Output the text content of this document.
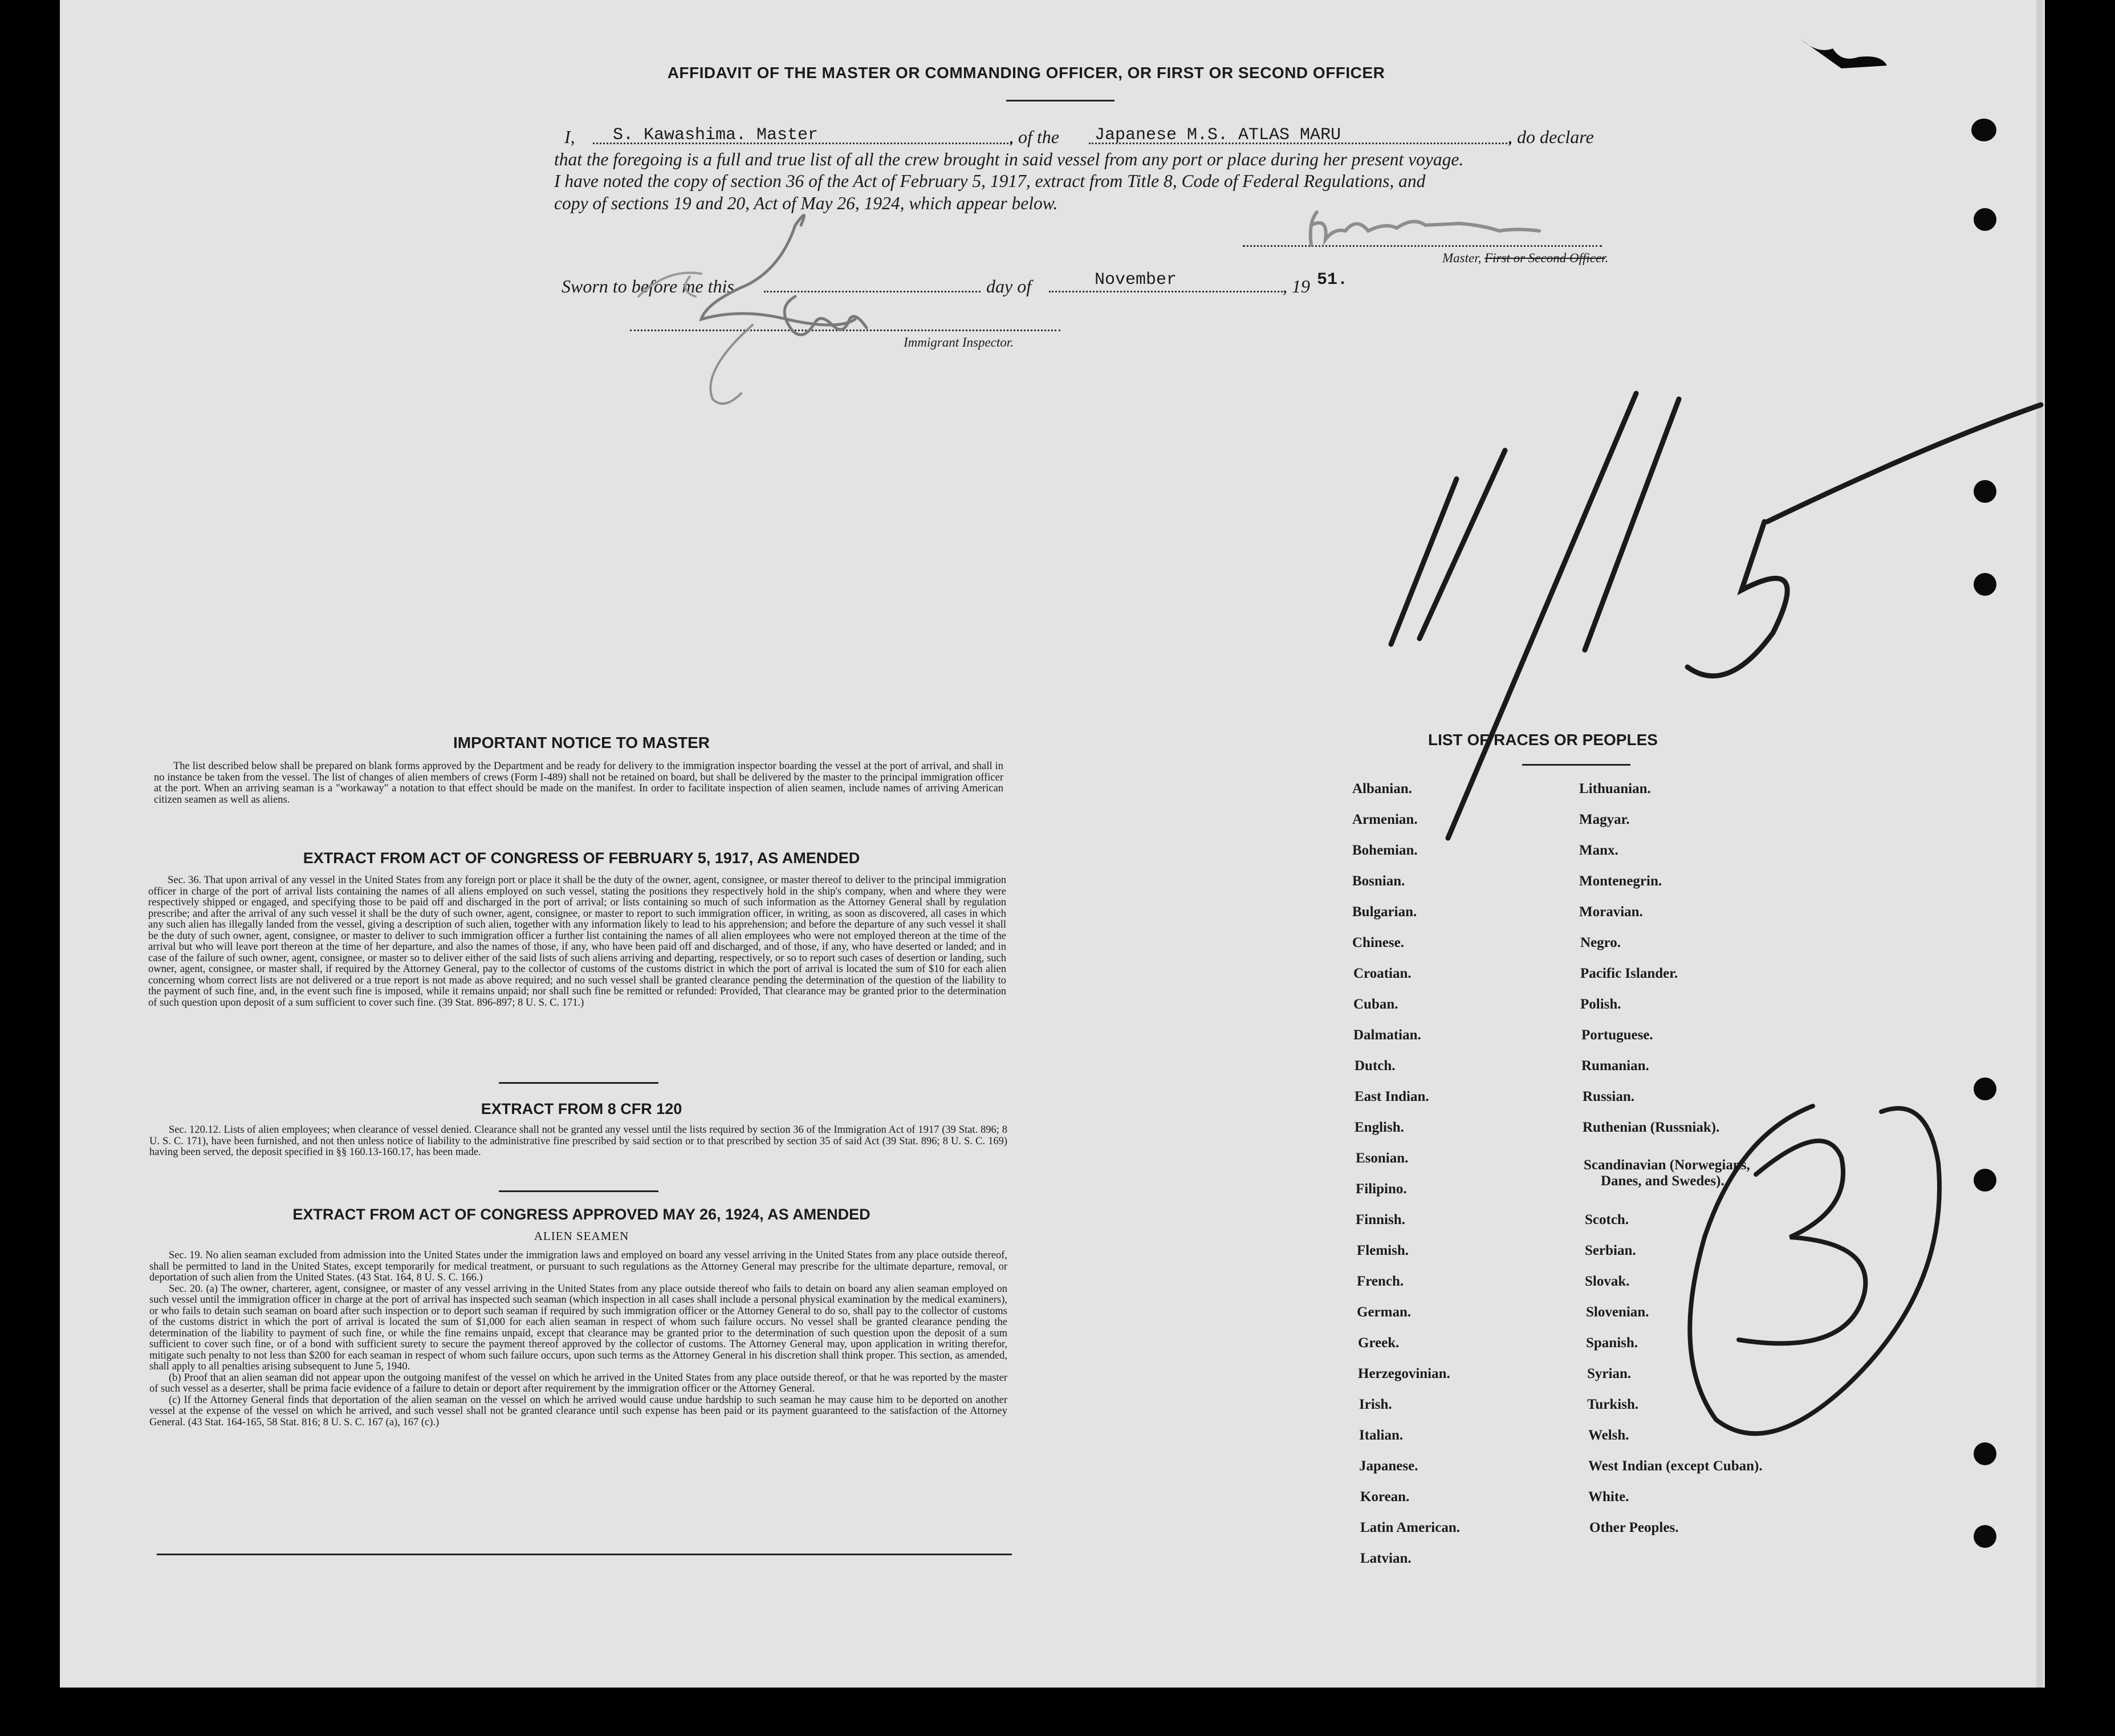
AFFIDAVIT OF THE MASTER OR COMMANDING OFFICER, OR FIRST OR SECOND OFFICER
I, S. Kawashima. Master	, of the Japanese M.S. ATLAS MARU	, do declare
that the foregoing is a full and true list of all the crew brought in said vessel from any port or place during her present voyage.
I have noted the copy of section 36 of the Act of February 5, 1917, extract from Title 8, Code of Federal Regulations, and
copy of sections 19 and 20, Act of May 26, 1924, which appear below.
Master, First or Second Officer.
Sworn to before me this	day of	November	, 19 51.
Immigrant Inspector.
IMPORTANT NOTICE TO MASTER

The list described below shall be prepared on blank forms approved by the Department and be ready for delivery to the immigration inspector boarding the vessel at the port of arrival, and shall in no instance be taken from the vessel. The list of changes of alien members of crews (Form I-489) shall not be retained on board, but shall be delivered by the master to the principal immigration officer at the port. When an arriving seaman is a "workaway" a notation to that effect should be made on the manifest. In order to facilitate inspection of alien seamen, include names of arriving American citizen seamen as well as aliens.

EXTRACT FROM ACT OF CONGRESS OF FEBRUARY 5, 1917, AS AMENDED

Sec. 36. That upon arrival of any vessel in the United States from any foreign port or place it shall be the duty of the owner, agent, consignee, or master thereof to deliver to the principal immigration officer in charge of the port of arrival lists containing the names of all aliens employed on such vessel, stating the positions they respectively hold in the ship's company, when and where they were respectively shipped or engaged, and specifying those to be paid off and discharged in the port of arrival; or lists containing so much of such information as the Attorney General shall by regulation prescribe; and after the arrival of any such vessel it shall be the duty of such owner, agent, consignee, or master to report to such immigration officer, in writing, as soon as discovered, all cases in which any such alien has illegally landed from the vessel, giving a description of such alien, together with any information likely to lead to his apprehension; and before the departure of any such vessel it shall be the duty of such owner, agent, consignee, or master to deliver to such immigration officer a further list containing the names of all alien employees who were not employed thereon at the time of the arrival but who will leave port thereon at the time of her departure, and also the names of those, if any, who have been paid off and discharged, and of those, if any, who have deserted or landed; and in case of the failure of such owner, agent, consignee, or master so to deliver either of the said lists of such aliens arriving and departing, respectively, or so to report such cases of desertion or landing, such owner, agent, consignee, or master shall, if required by the Attorney General, pay to the collector of customs of the customs district in which the port of arrival is located the sum of $10 for each alien concerning whom correct lists are not delivered or a true report is not made as above required; and no such vessel shall be granted clearance pending the determination of the question of the liability to the payment of such fine, and, in the event such fine is imposed, while it remains unpaid; nor shall such fine be remitted or refunded: Provided, That clearance may be granted prior to the determination of such question upon deposit of a sum sufficient to cover such fine. (39 Stat. 896-897; 8 U. S. C. 171.)

EXTRACT FROM 8 CFR 120

Sec. 120.12. Lists of alien employees; when clearance of vessel denied. Clearance shall not be granted any vessel until the lists required by section 36 of the Immigration Act of 1917 (39 Stat. 896; 8 U. S. C. 171), have been furnished, and not then unless notice of liability to the administrative fine prescribed by said section or to that prescribed by section 35 of said Act (39 Stat. 896; 8 U. S. C. 169) having been served, the deposit specified in §§ 160.13-160.17, has been made.

EXTRACT FROM ACT OF CONGRESS APPROVED MAY 26, 1924, AS AMENDED
ALIEN SEAMEN

Sec. 19. No alien seaman excluded from admission into the United States under the immigration laws and employed on board any vessel arriving in the United States from any place outside thereof, shall be permitted to land in the United States, except temporarily for medical treatment, or pursuant to such regulations as the Attorney General may prescribe for the ultimate departure, removal, or deportation of such alien from the United States. (43 Stat. 164, 8 U. S. C. 166.)

Sec. 20. (a) The owner, charterer, agent, consignee, or master of any vessel arriving in the United States from any place outside thereof who fails to detain on board any alien seaman employed on such vessel until the immigration officer in charge at the port of arrival has inspected such seaman (which inspection in all cases shall include a personal physical examination by the medical examiners), or who fails to detain such seaman on board after such inspection or to deport such seaman if required by such immigration officer or the Attorney General to do so, shall pay to the collector of customs of the customs district in which the port of arrival is located the sum of $1,000 for each alien seaman in respect of whom such failure occurs. No vessel shall be granted clearance pending the determination of the liability to payment of such fine, or while the fine remains unpaid, except that clearance may be granted prior to the determination of such question upon the deposit of a sum sufficient to cover such fine, or of a bond with sufficient surety to secure the payment thereof approved by the collector of customs. The Attorney General may, upon application in writing therefor, mitigate such penalty to not less than $200 for each seaman in respect of whom such failure occurs, upon such terms as the Attorney General in his discretion shall think proper. This section, as amended, shall apply to all penalties arising subsequent to June 5, 1940.

(b) Proof that an alien seaman did not appear upon the outgoing manifest of the vessel on which he arrived in the United States from any place outside thereof, or that he was reported by the master of such vessel as a deserter, shall be prima facie evidence of a failure to detain or deport after requirement by the immigration officer or the Attorney General.

(c) If the Attorney General finds that deportation of the alien seaman on the vessel on which he arrived would cause undue hardship to such seaman he may cause him to be deported on another vessel at the expense of the vessel on which he arrived, and such vessel shall not be granted clearance until such expense has been paid or its payment guaranteed to the satisfaction of the Attorney General. (43 Stat. 164-165, 58 Stat. 816; 8 U. S. C. 167 (a), 167 (c).)

LIST OF RACES OR PEOPLES
Albanian.
Armenian.
Bohemian.
Bosnian.
Bulgarian.
Chinese.
Croatian.
Cuban.
Dalmatian.
Dutch.
East Indian.
English.
Esonian.
Filipino.
Finnish.
Flemish.
French.
German.
Greek.
Herzegovinian.
Irish.
Italian.
Japanese.
Korean.
Latin American.
Latvian.
Lithuanian.
Magyar.
Manx.
Montenegrin.
Moravian.
Negro.
Pacific Islander.
Polish.
Portuguese.
Rumanian.
Russian.
Ruthenian (Russniak).
Scandinavian (Norwegians,
Danes, and Swedes).
Scotch.
Serbian.
Slovak.
Slovenian.
Spanish.
Syrian.
Turkish.
Welsh.
West Indian (except Cuban).
White.
Other Peoples.
